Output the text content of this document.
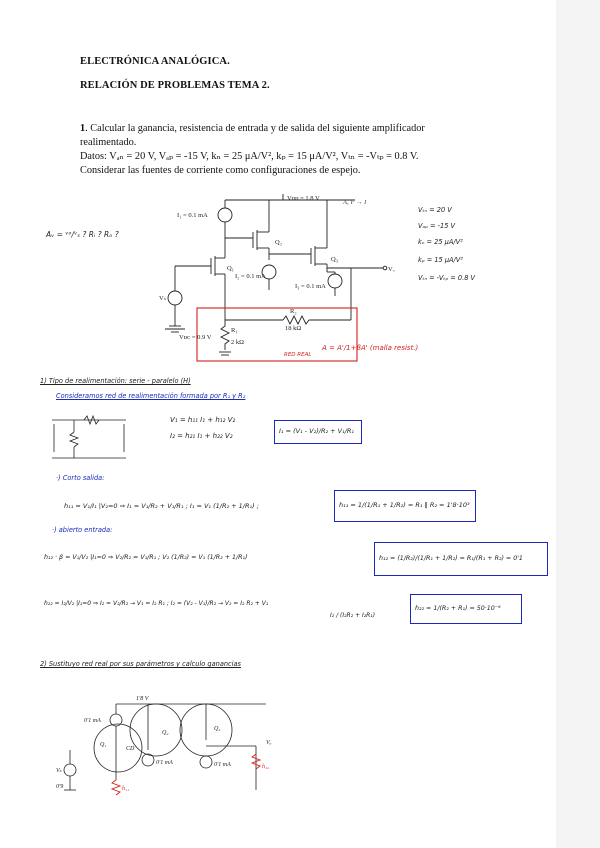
ELECTRÓNICA ANALÓGICA.
RELACIÓN DE PROBLEMAS TEMA 2.
1. Calcular la ganancia, resistencia de entrada y de salida del siguiente amplificador
realimentado.
Datos: Vₐₙ = 20 V, Vₐₚ = -15 V, kₙ = 25 μA/V², kₚ = 15 μA/V², Vₜₙ = -Vₜₚ = 0.8 V.
Considerar las fuentes de corriente como configuraciones de espejo.
Vᴅᴅ = 1.8 V
I₁ = 0.1 mA
Q₂
Q₁
I₂ = 0.1 mA
Q₃
I₃ = 0.1 mA
Vₒ
Vₛ
R₂
18 kΩ
R₁
2 kΩ
Vᴅᴄ = 0.9 V
Aₓ F → I
Aᵥ = ᵛᵒ/ᵛₛ ? Rᵢ ? Rₒ ?
Vₜₙ = 20 V
Vₐₚ = -15 V
kₙ = 25 μA/V²
kₚ = 15 μA/V²
Vₜₙ = -Vₜₚ = 0.8 V
A = A'/1+βA' (malla resist.)
RED REAL
1) Tipo de realimentación: serie - paralelo (H)
Consideramos red de realimentación formada por R₁ y R₂
V₁ = h₁₁ I₁ + h₁₂ V₂
I₂ = h₂₁ I₁ + h₂₂ V₂
I₁ = (V₁ - V₂)/R₂ + V₁/R₁
·) Corto salida:
h₁₁ = V₁/I₁ |V₂=0 ⇒ I₁ = V₁/R₂ + V₁/R₁ ; I₁ = V₁ (1/R₂ + 1/R₁) ;	h₁₁ = 1/(1/R₁ + 1/R₂) = R₁ ‖ R₂ = 1'8·10³
·) abierto entrada:
h₁₂ · β = V₁/V₂ |I₁=0 ⇒ V₂/R₂ = V₁/R₁ ; V₂ (1/R₂) = V₁ (1/R₂ + 1/R₁)	h₁₂ = (1/R₂)/(1/R₁ + 1/R₂) = R₁/(R₁ + R₂) = 0'1
h₂₂ = I₂/V₂ |I₁=0 ⇒ I₂ = V₂/R₂ → V₁ = I₂ R₁ ; I₂ = (V₂ - V₁)/R₂ → V₂ = I₂ R₂ + V₁
I₂ / (I₂R₂ + I₂R₁)
h₂₂ = 1/(R₂ + R₁) = 50·10⁻⁶
2) Sustituyo red real por sus parámetros y calculo ganancias
1'8 V
0'1 mA
0'1 mA	0'1 mA
Q₁
Q₂
Q₃
Vₛ
Vₒ
0'9
CD
h₁₁
h₂₂
